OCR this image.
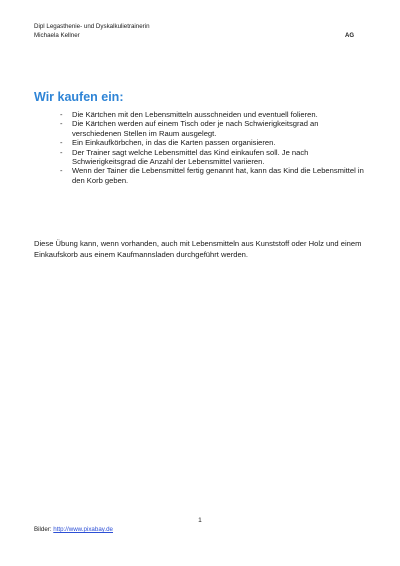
Dipl Legasthenie- und Dyskalkulietrainerin
Michaela Kellner	AG
Wir kaufen ein:
- Die Kärtchen mit den Lebensmitteln ausschneiden und eventuell folieren.
- Die Kärtchen werden auf einem Tisch oder je nach Schwierigkeitsgrad an verschiedenen Stellen im Raum ausgelegt.
- Ein Einkaufkörbchen, in das die Karten passen organisieren.
- Der Trainer sagt welche Lebensmittel das Kind einkaufen soll. Je nach Schwierigkeitsgrad die Anzahl der Lebensmittel variieren.
- Wenn der Tainer die Lebensmittel fertig genannt hat, kann das Kind die Lebensmittel in den Korb geben.

Diese Übung kann, wenn vorhanden, auch mit Lebensmitteln aus Kunststoff oder Holz und einem Einkaufskorb aus einem Kaufmannsladen durchgeführt werden.

1
Bilder: http://www.pixabay.de
